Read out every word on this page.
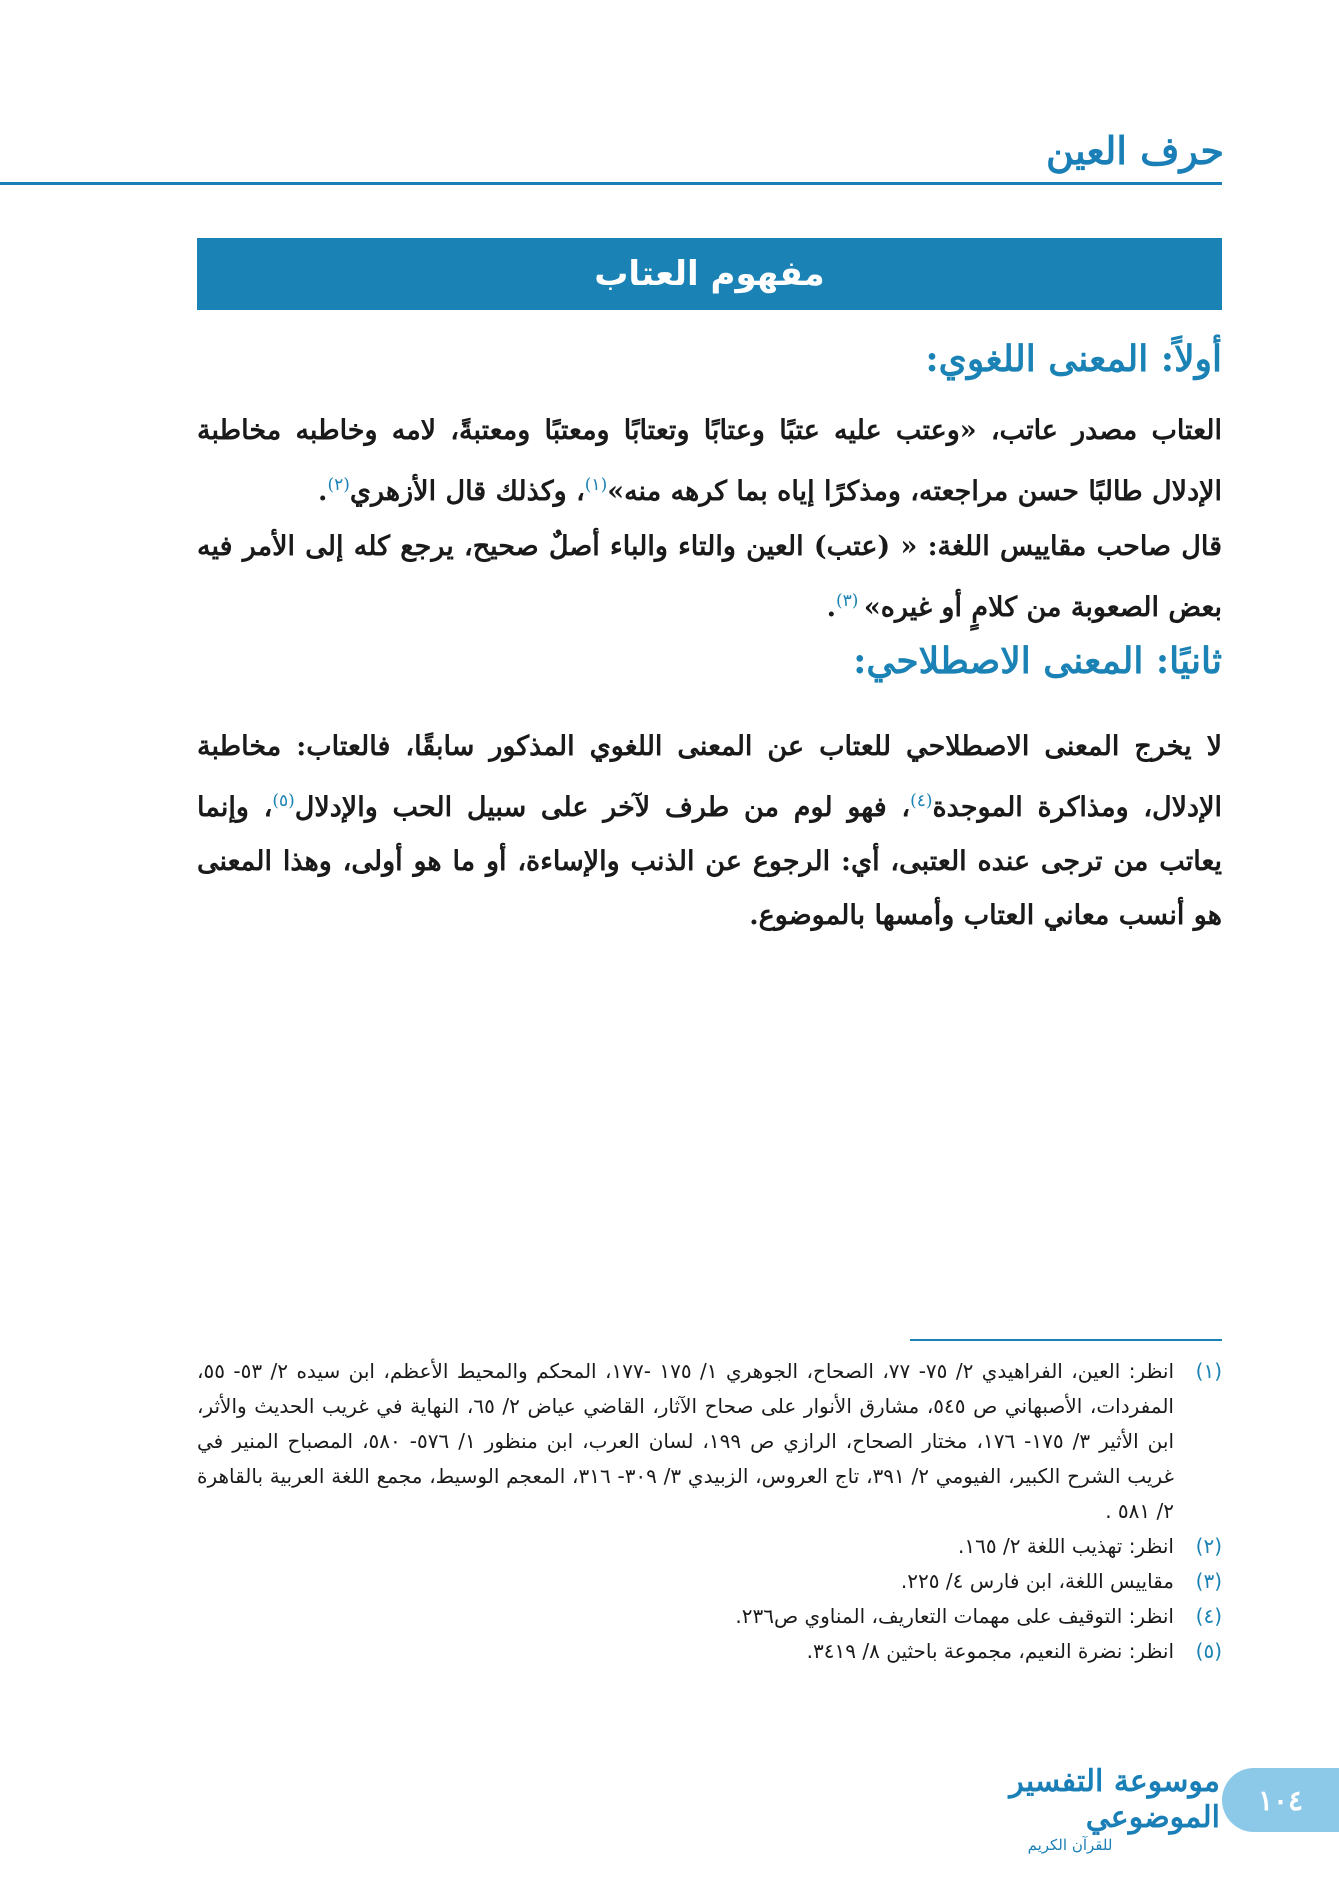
حرف العين
مفهوم العتاب
أولاً: المعنى اللغوي:
العتاب مصدر عاتب، «وعتب عليه عتبًا وعتابًا وتعتابًا ومعتبًا ومعتبةً، لامه وخاطبه مخاطبة الإدلال طالبًا حسن مراجعته، ومذكرًا إياه بما كرهه منه»$^{(١)}$، وكذلك قال الأزهري$^{(٢)}$.
قال صاحب مقاييس اللغة: « (عتب) العين والتاء والباء أصلٌ صحيح، يرجع كله إلى الأمر فيه بعض الصعوبة من كلامٍ أو غيره» $^{(٣)}$.
ثانيًا: المعنى الاصطلاحي:
لا يخرج المعنى الاصطلاحي للعتاب عن المعنى اللغوي المذكور سابقًا، فالعتاب: مخاطبة الإدلال، ومذاكرة الموجدة$^{(٤)}$، فهو لوم من طرف لآخر على سبيل الحب والإدلال$^{(٥)}$، وإنما يعاتب من ترجى عنده العتبى، أي: الرجوع عن الذنب والإساءة، أو ما هو أولى، وهذا المعنى هو أنسب معاني العتاب وأمسها بالموضوع.
(١)
انظر: العين، الفراهيدي ٢/ ٧٥- ٧٧، الصحاح، الجوهري ١/ ١٧٥ -١٧٧، المحكم والمحيط الأعظم، ابن سيده ٢/ ٥٣- ٥٥، المفردات، الأصبهاني ص ٥٤٥، مشارق الأنوار على صحاح الآثار، القاضي عياض ٢/ ٦٥، النهاية في غريب الحديث والأثر، ابن الأثير ٣/ ١٧٥- ١٧٦، مختار الصحاح، الرازي ص ١٩٩، لسان العرب، ابن منظور ١/ ٥٧٦- ٥٨٠، المصباح المنير في غريب الشرح الكبير، الفيومي ٢/ ٣٩١، تاج العروس، الزبيدي ٣/ ٣٠٩- ٣١٦، المعجم الوسيط، مجمع اللغة العربية بالقاهرة ٢/ ٥٨١ .
(٢)
انظر: تهذيب اللغة ٢/ ١٦٥.
(٣)
مقاييس اللغة، ابن فارس ٤/ ٢٢٥.
(٤)
انظر: التوقيف على مهمات التعاريف، المناوي ص٢٣٦.
(٥)
انظر: نضرة النعيم، مجموعة باحثين ٨/ ٣٤١٩.
موسوعة التفسير الموضوعي
للقرآن الكريم
١٠٤
